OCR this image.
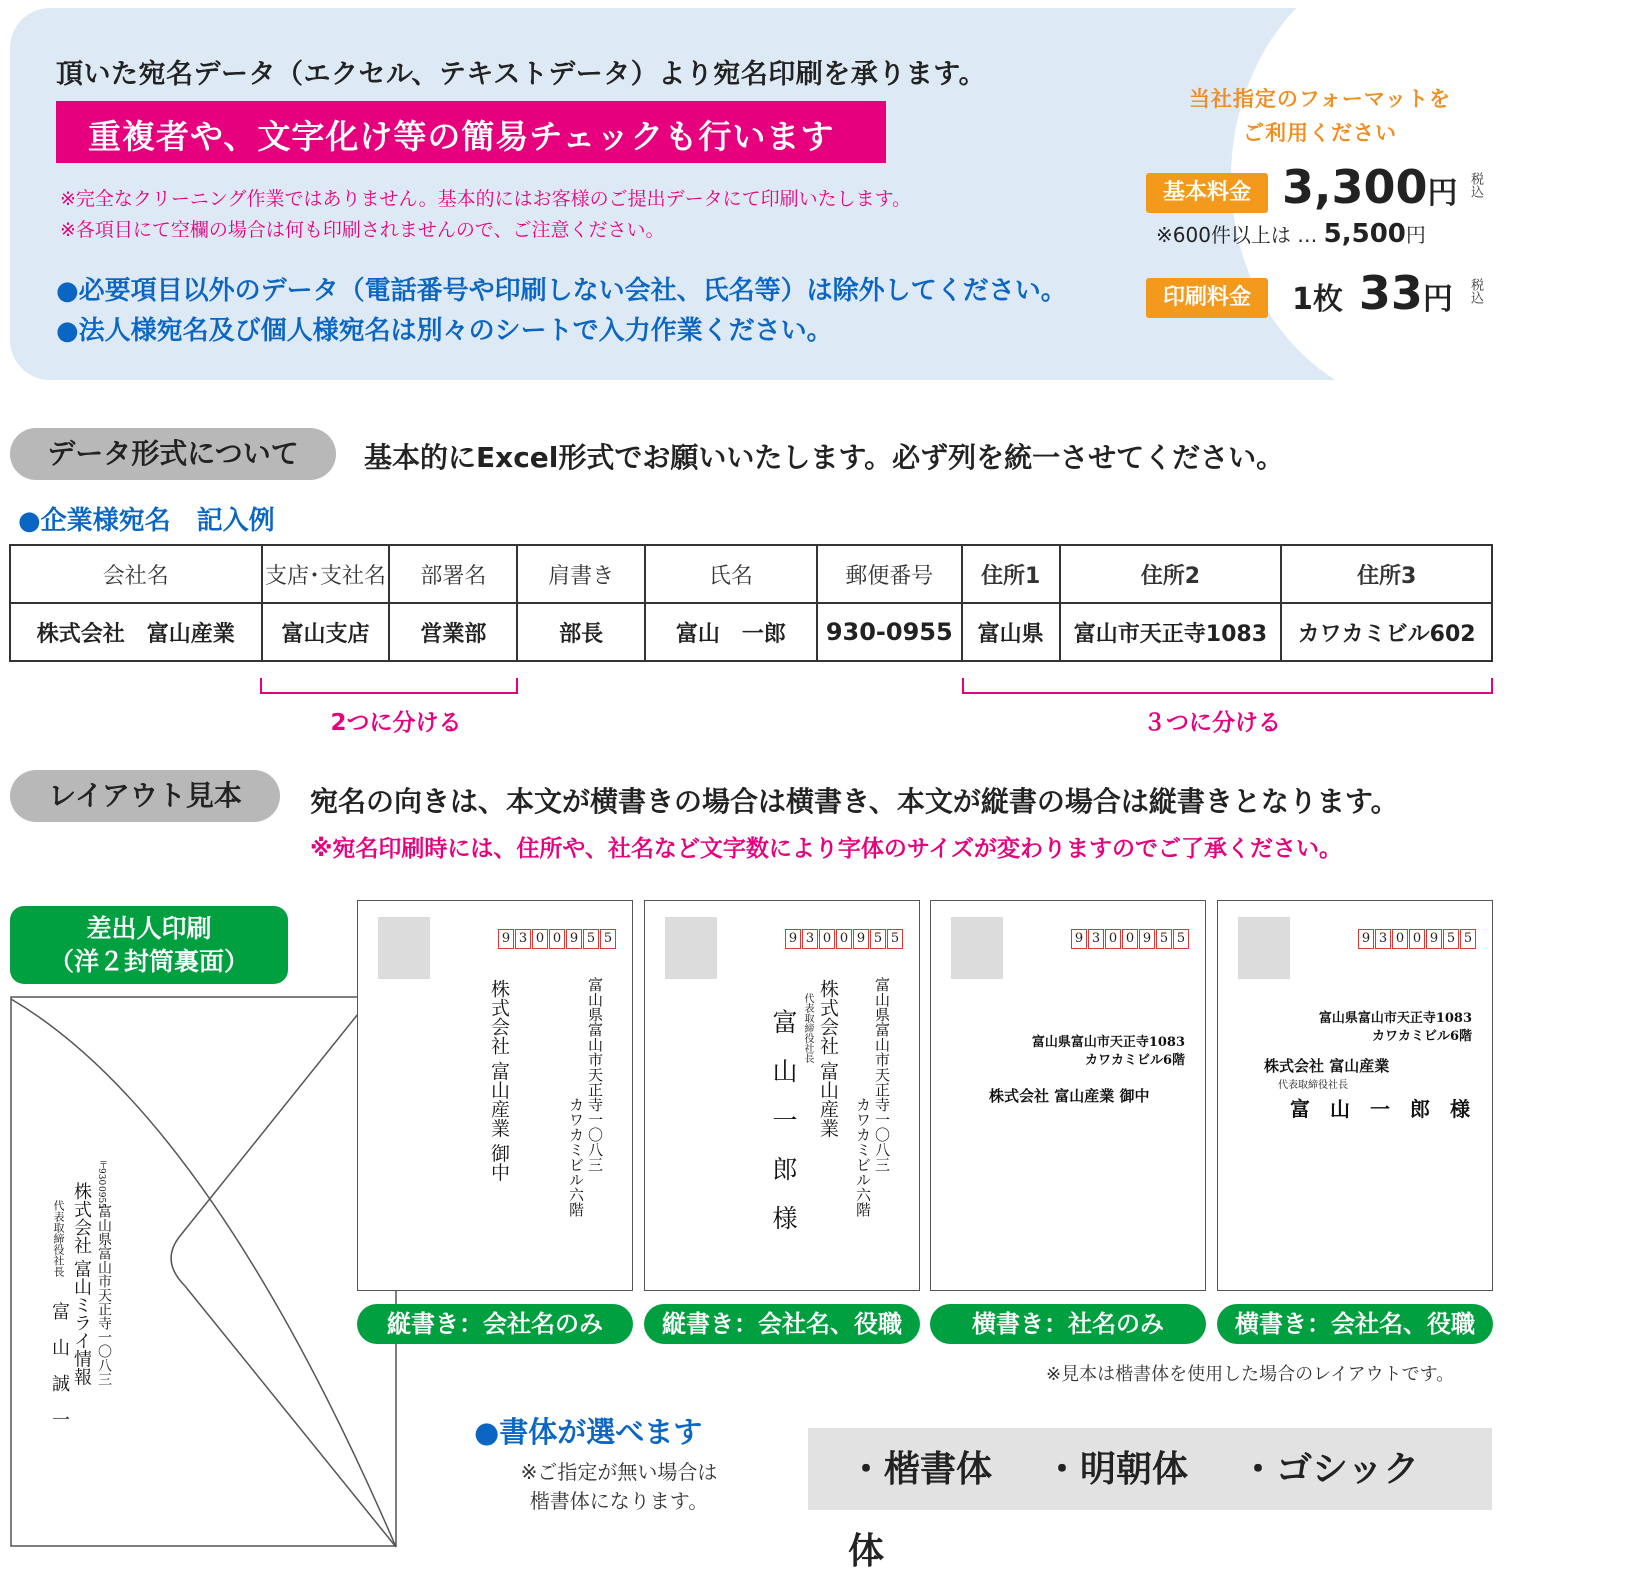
頂いた宛名データ（エクセル、テキストデータ）より宛名印刷を承ります。
重複者や、文字化け等の簡易チェックも行います
※完全なクリーニング作業ではありません。基本的にはお客様のご提出データにて印刷いたします。
※各項目にて空欄の場合は何も印刷されませんので、ご注意ください。
●必要項目以外のデータ（電話番号や印刷しない会社、氏名等）は除外してください。
●法人様宛名及び個人様宛名は別々のシートで入力作業ください。
当社指定のフォーマットを
ご利用ください
基本料金 3,300円 税込
※600件以上は … 5,500円
印刷料金	1枚 33円 税込
データ形式について	基本的にExcel形式でお願いいたします。必ず列を統一させてください。
●企業様宛名　記入例
会社名	支店･支社名	部署名	肩書き	氏名	郵便番号	住所1	住所2	住所3
株式会社　富山産業	富山支店	営業部	部長	富山　一郎	930-0955	富山県	富山市天正寺1083	カワカミビル602
2つに分ける	３つに分ける
レイアウト見本	宛名の向きは、本文が横書きの場合は横書き、本文が縦書の場合は縦書きとなります。
※宛名印刷時には、住所や、社名など文字数により字体のサイズが変わりますのでご了承ください。
差出人印刷
（洋２封筒裏面）
〒
930
0955
富山県富山市天正寺一〇八三
株式会社 富山ミライ情報
代表取締役社長
富　山　誠　一
9 3 0 0 9 5 5
富山県富山市天正寺一〇八三
カワカミビル六階
株式会社 富山産業 御中
9 3 0 0 9 5 5
富山県富山市天正寺一〇八三
カワカミビル六階
株式会社 富山産業
代表取締役社長
富 山 一 郎 様
9 3 0 0 9 5 5
富山県富山市天正寺1083
カワカミビル6階
株式会社 富山産業 御中
9 3 0 0 9 5 5
富山県富山市天正寺1083
カワカミビル6階
株式会社 富山産業
代表取締役社長
富　山　一　郎　様
縦書き：会社名のみ	縦書き：会社名、役職	横書き：社名のみ	横書き：会社名、役職
※見本は楷書体を使用した場合のレイアウトです。
●書体が選べます
※ご指定が無い場合は
楷書体になります。
・楷書体 ・明朝体 ・ゴシック体
